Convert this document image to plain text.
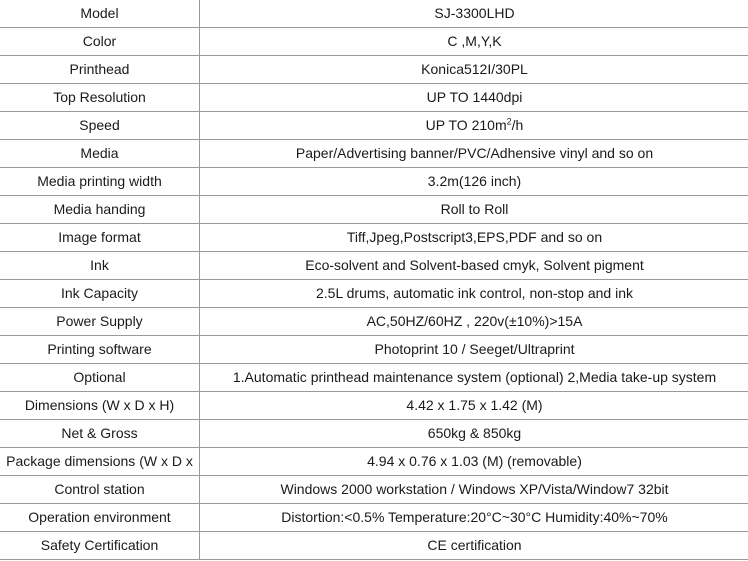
Model	SJ-3300LHD
Color	C ,M,Y,K
Printhead	Konica512I/30PL
Top Resolution	UP TO 1440dpi
Speed	UP TO $210m^2/h$
Media	Paper/Advertising banner/PVC/Adhensive vinyl and so on
Media printing width	3.2m(126 inch)
Media handing	Roll to Roll
Image format	Tiff,Jpeg,Postscript3,EPS,PDF and so on
Ink	Eco-solvent and Solvent-based cmyk, Solvent pigment
Ink Capacity	2.5L drums, automatic ink control, non-stop and ink
Power Supply	AC,50HZ/60HZ , 220v(±10%)>15A
Printing software	Photoprint 10 / Seeget/Ultraprint
Optional	1.Automatic printhead maintenance system (optional) 2,Media take-up system
Dimensions (W x D x H)	4.42 x 1.75 x 1.42 (M)
Net & Gross	650kg & 850kg
Package dimensions (W x D x	4.94 x 0.76 x 1.03 (M) (removable)
Control station	Windows 2000 workstation / Windows XP/Vista/Window7 32bit
Operation environment	Distortion:<0.5% Temperature:20°C~30°C Humidity:40%~70%
Safety Certification	CE certification
